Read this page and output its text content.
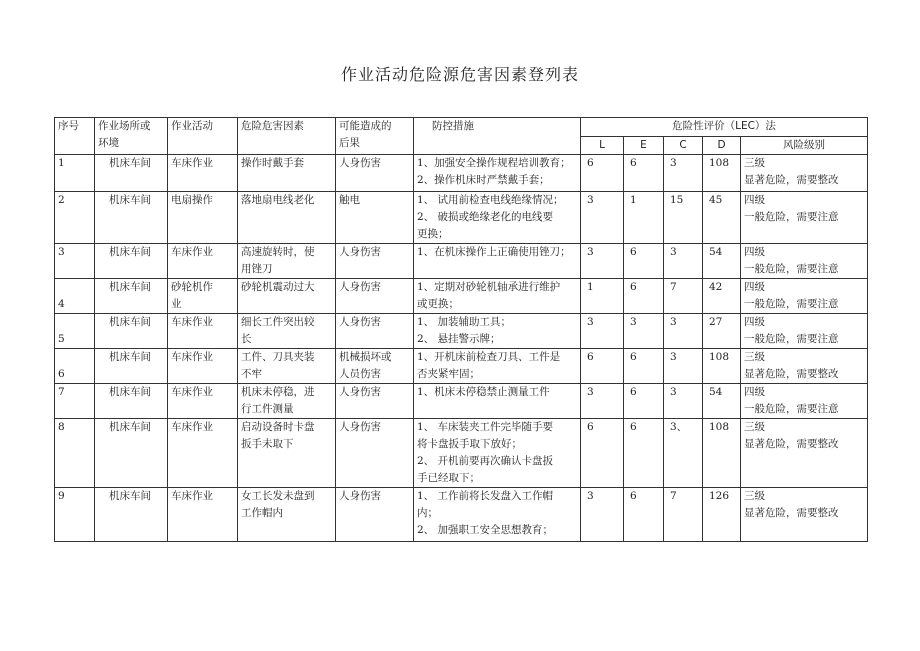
作业活动危险源危害因素登列表
序号	作业场所或
环境	作业活动	危险危害因素	可能造成的
后果	防控措施	危险性评价（LEC）法				
						L	E	C	D	风险级别
1	机床车间	车床作业	操作时戴手套	人身伤害	1、加强安全操作规程培训教育；
2、操作机床时严禁戴手套；	6	6	3	108	三级
显著危险，需要整改

2	机床车间	电扇操作	落地扇电线老化	触电	1、 试用前检查电线绝缘情况；
2、 破损或绝缘老化的电线要
更换；	3	1	15	45	四级
一般危险，需要注意

3	机床车间	车床作业	高速旋转时，使
用锉刀	人身伤害	1、在机床操作上正确使用锉刀；	3	6	3	54	四级
一般危险，需要注意

4	机床车间	砂轮机作
业	砂轮机震动过大	人身伤害	1、定期对砂轮机轴承进行维护
或更换；	1	6	7	42	四级
一般危险，需要注意

5	机床车间	车床作业	细长工件突出较
长	人身伤害	1、 加装辅助工具；
2、 悬挂警示牌；	3	3	3	27	四级
一般危险，需要注意

6	机床车间	车床作业	工件、刀具夹装
不牢	机械损坏或
人员伤害	1、开机床前检查刀具、工件是
否夹紧牢固；	6	6	3	108	三级
显著危险，需要整改

7	机床车间	车床作业	机床未停稳，进
行工件测量	人身伤害	1、机床未停稳禁止测量工件	3	6	3	54	四级
一般危险，需要注意

8	机床车间	车床作业	启动设备时卡盘
扳手未取下	人身伤害	1、 车床装夹工件完毕随手要
将卡盘扳手取下放好；
2、 开机前要再次确认卡盘扳
手已经取下；	6	6	3、	108	三级
显著危险，需要整改

9	机床车间	车床作业	女工长发未盘到
工作帽内	人身伤害	1、 工作前将长发盘入工作帽
内；
2、 加强职工安全思想教育；	3	6	7	126	三级
显著危险，需要整改
